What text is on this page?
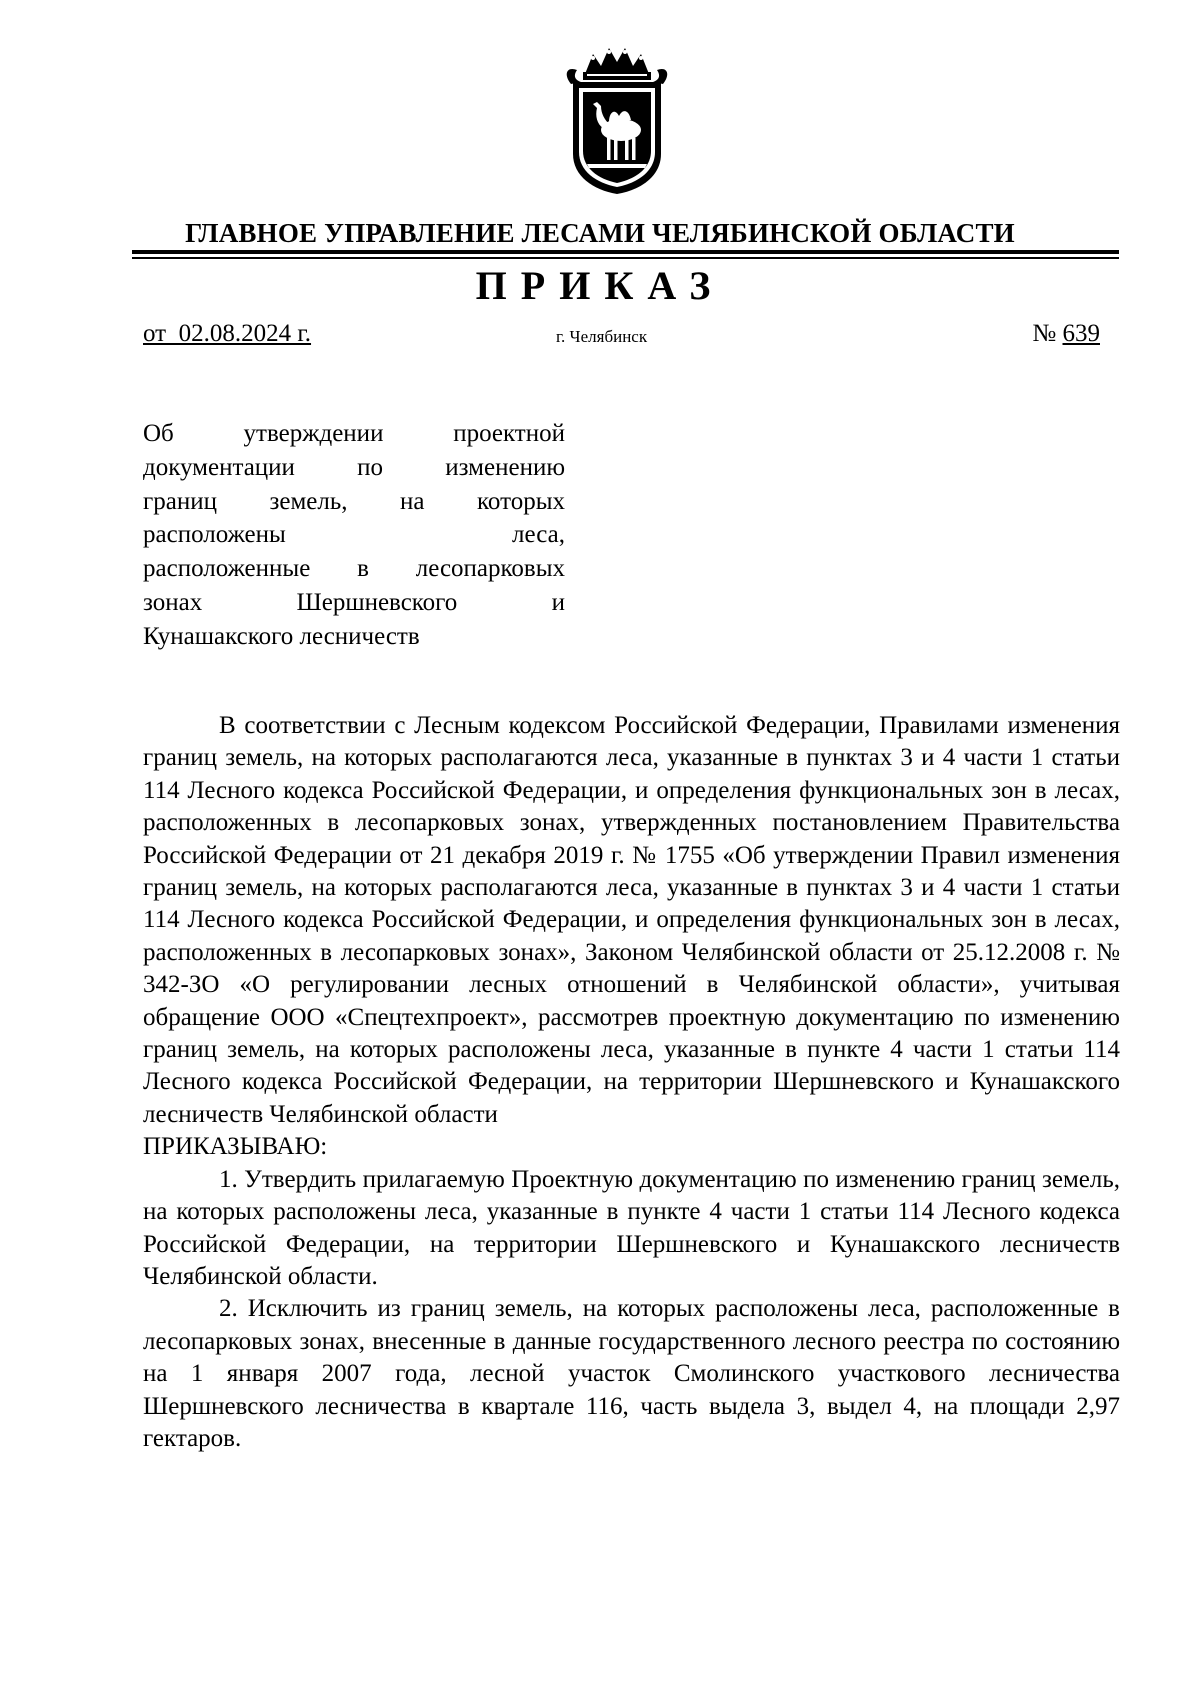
ГЛАВНОЕ УПРАВЛЕНИЕ ЛЕСАМИ ЧЕЛЯБИНСКОЙ ОБЛАСТИ
ПРИКАЗ
от  02.08.2024 г.	г. Челябинск	№ 639
Об утверждении проектной
документации по изменению
границ земель, на которых
расположены леса,
расположенные в лесопарковых
зонах Шершневского и
Кунашакского лесничеств

В соответствии с Лесным кодексом Российской Федерации, Правилами изменения границ земель, на которых располагаются леса, указанные в пунктах 3 и 4 части 1 статьи 114 Лесного кодекса Российской Федерации, и определения функциональных зон в лесах, расположенных в лесопарковых зонах, утвержденных постановлением Правительства Российской Федерации от 21 декабря 2019 г. № 1755 «Об утверждении Правил изменения границ земель, на которых располагаются леса, указанные в пунктах 3 и 4 части 1 статьи 114 Лесного кодекса Российской Федерации, и определения функциональных зон в лесах, расположенных в лесопарковых зонах», Законом Челябинской области от 25.12.2008 г. № 342-ЗО «О регулировании лесных отношений в Челябинской области», учитывая обращение ООО «Спецтехпроект», рассмотрев проектную документацию по изменению границ земель, на которых расположены леса, указанные в пункте 4 части 1 статьи 114 Лесного кодекса Российской Федерации, на территории Шершневского и Кунашакского лесничеств Челябинской области

ПРИКАЗЫВАЮ:

1. Утвердить прилагаемую Проектную документацию по изменению границ земель, на которых расположены леса, указанные в пункте 4 части 1 статьи 114 Лесного кодекса Российской Федерации, на территории Шершневского и Кунашакского лесничеств Челябинской области.

2. Исключить из границ земель, на которых расположены леса, расположенные в лесопарковых зонах, внесенные в данные государственного лесного реестра по состоянию на 1 января 2007 года, лесной участок Смолинского участкового лесничества Шершневского лесничества в квартале 116, часть выдела 3, выдел 4, на площади 2,97 гектаров.
